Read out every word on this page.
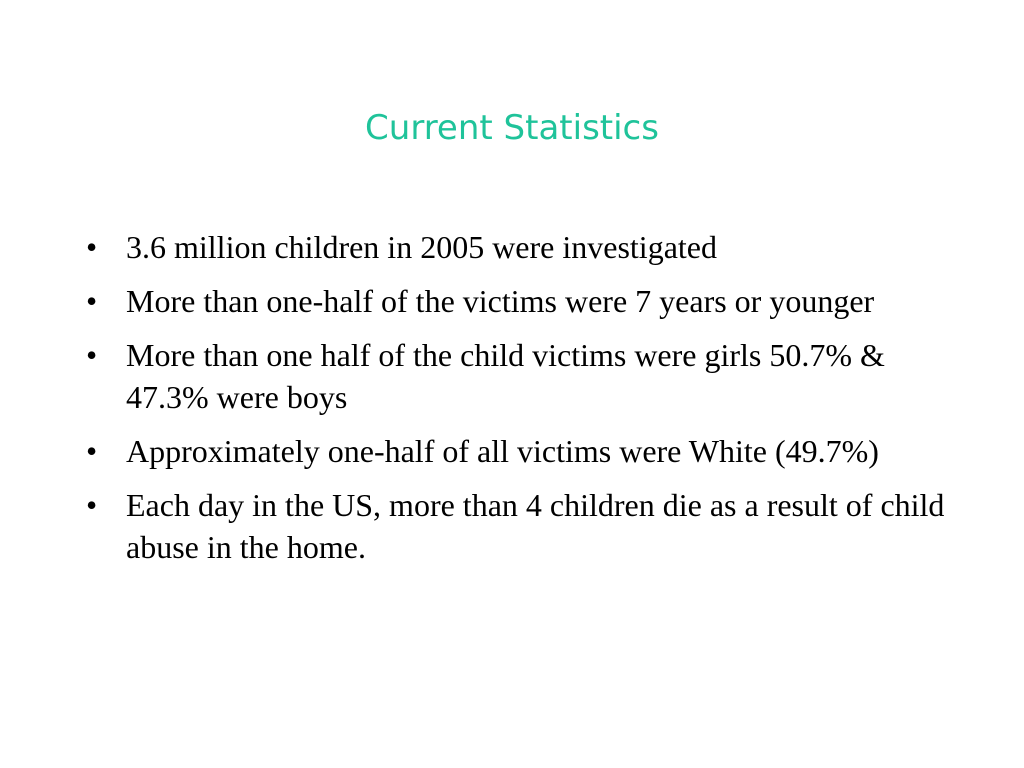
Current Statistics
• 3.6 million children in 2005 were investigated
• More than one-half of the victims were 7 years or younger
• More than one half of the child victims were girls 50.7% & 47.3% were boys
• Approximately one-half of all victims were White (49.7%)
• Each day in the US, more than 4 children die as a result of child abuse in the home.
